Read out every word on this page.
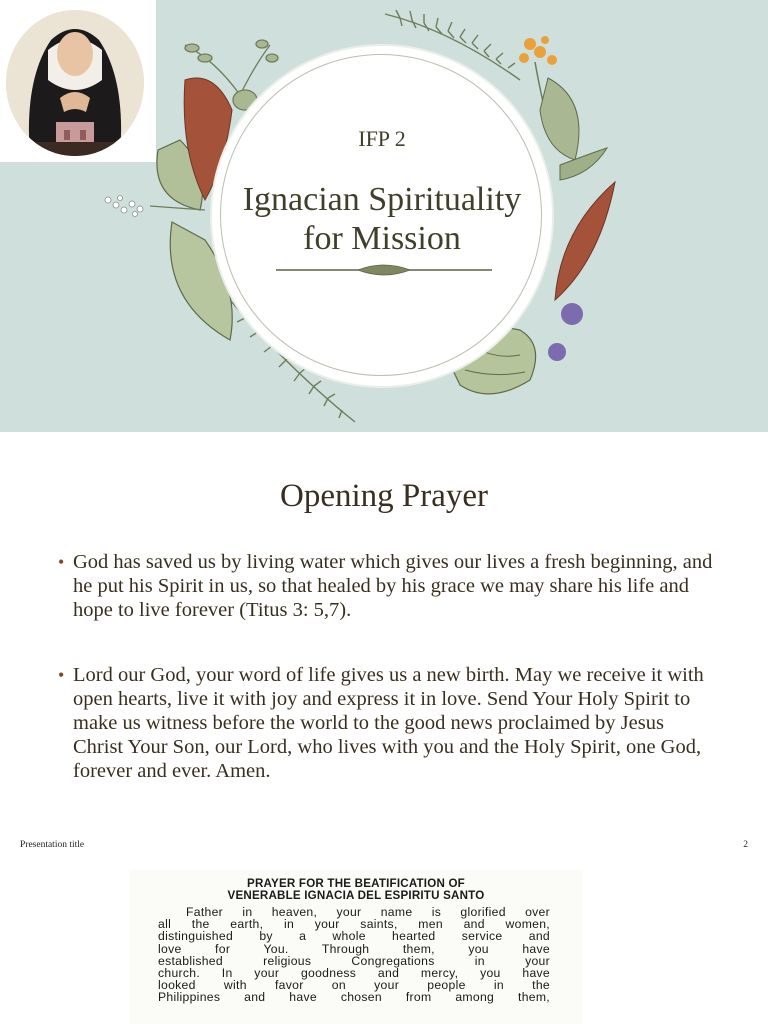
IFP 2
Ignacian Spirituality
for Mission
Opening Prayer
• God has saved us by living water which gives our lives a fresh beginning, and he put his Spirit in us, so that healed by his grace we may share his life and hope to live forever (Titus 3: 5,7).
• Lord our God, your word of life gives us a new birth. May we receive it with open hearts, live it with joy and express it in love. Send Your Holy Spirit to make us witness before the world to the good news proclaimed by Jesus Christ Your Son, our Lord, who lives with you and the Holy Spirit, one God, forever and ever. Amen.
Presentation title	2
PRAYER FOR THE BEATIFICATION OF
VENERABLE IGNACIA DEL ESPIRITU SANTO

Father in heaven, your name is glorified over

all the earth, in your saints, men and women,

distinguished by a whole hearted service and

love for You. Through them, you have

established religious Congregations in your

church. In your goodness and mercy, you have

looked with favor on your people in the

Philippines and have chosen from among them,
